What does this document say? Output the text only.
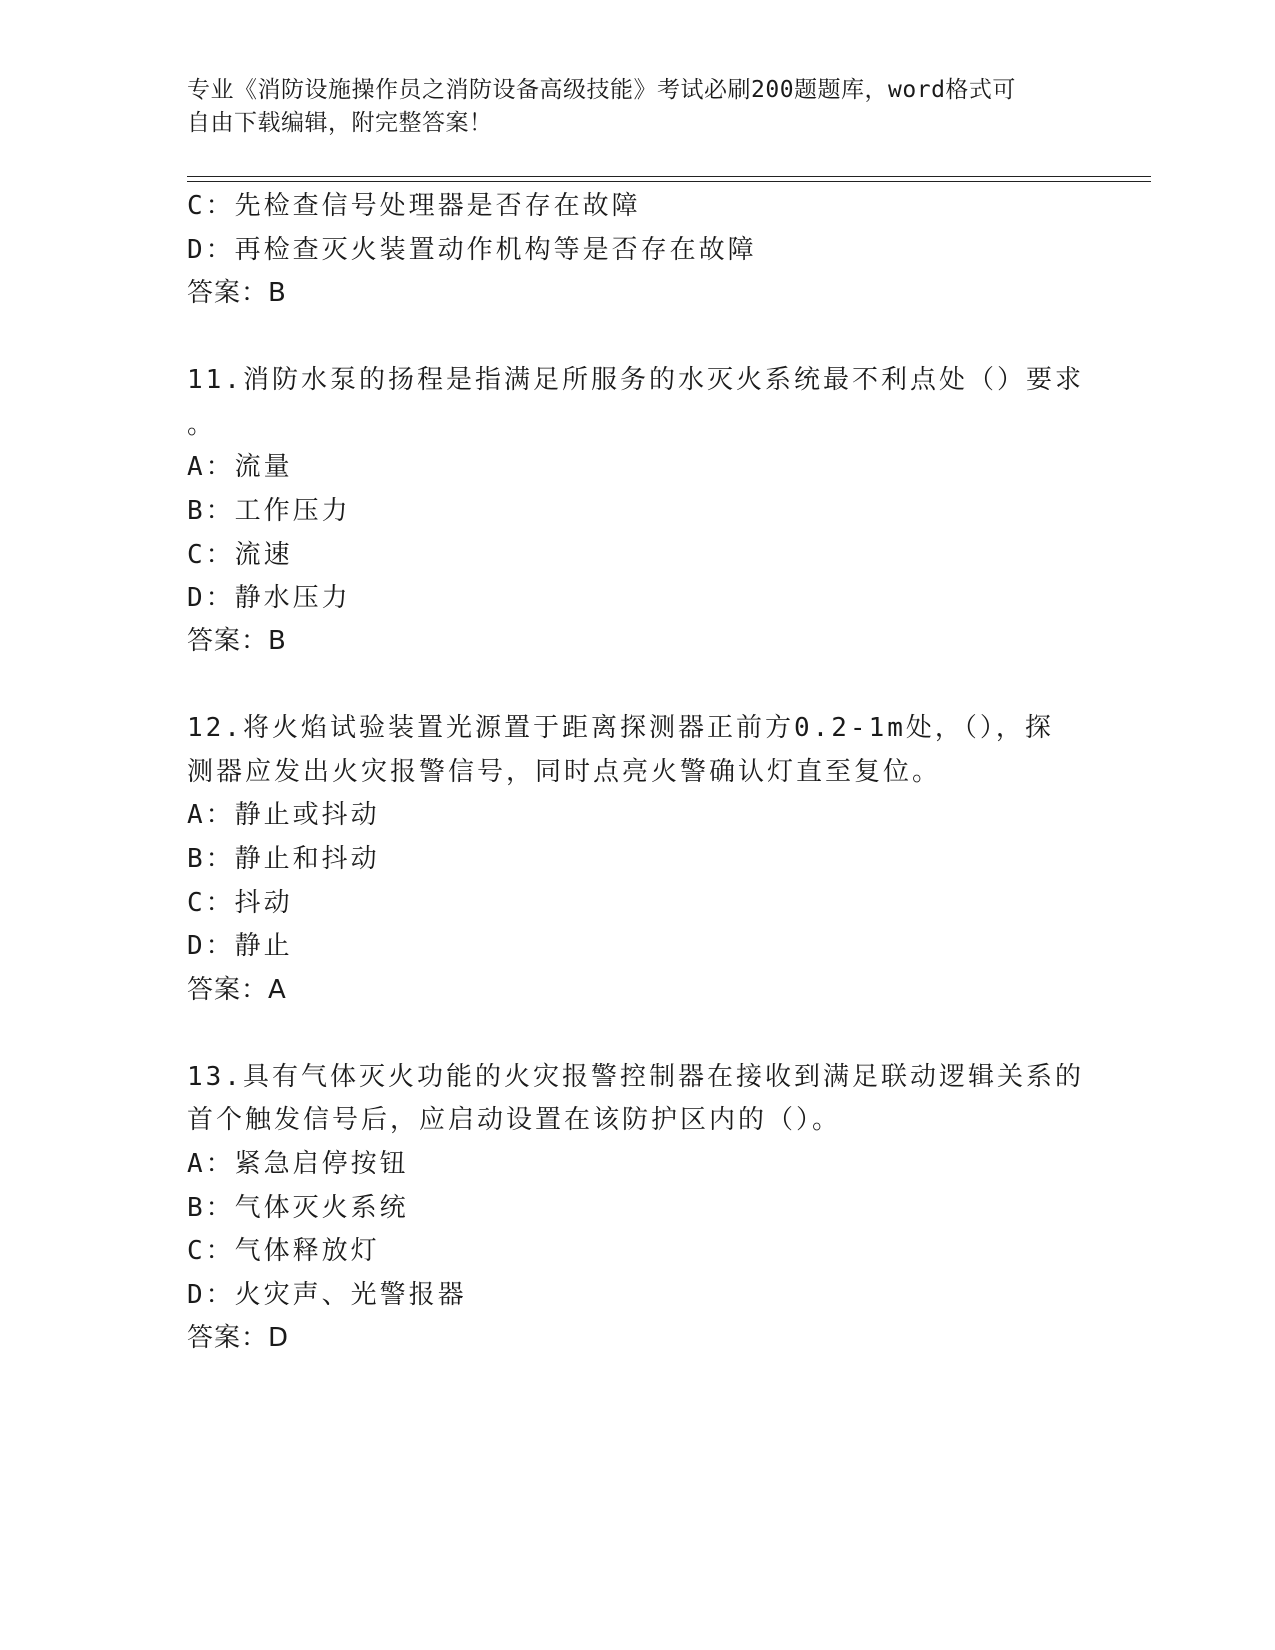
专业《消防设施操作员之消防设备高级技能》考试必刷200题题库，word格式可
自由下载编辑，附完整答案！
C：先检查信号处理器是否存在故障
D：再检查灭火装置动作机构等是否存在故障
答案：B
11.消防水泵的扬程是指满足所服务的水灭火系统最不利点处（）要求
。
A：流量
B：工作压力
C：流速
D：静水压力
答案：B
12.将火焰试验装置光源置于距离探测器正前方0.2-1m处，（），探
测器应发出火灾报警信号，同时点亮火警确认灯直至复位。
A：静止或抖动
B：静止和抖动
C：抖动
D：静止
答案：A
13.具有气体灭火功能的火灾报警控制器在接收到满足联动逻辑关系的
首个触发信号后，应启动设置在该防护区内的（）。
A：紧急启停按钮
B：气体灭火系统
C：气体释放灯
D：火灾声、光警报器
答案：D
